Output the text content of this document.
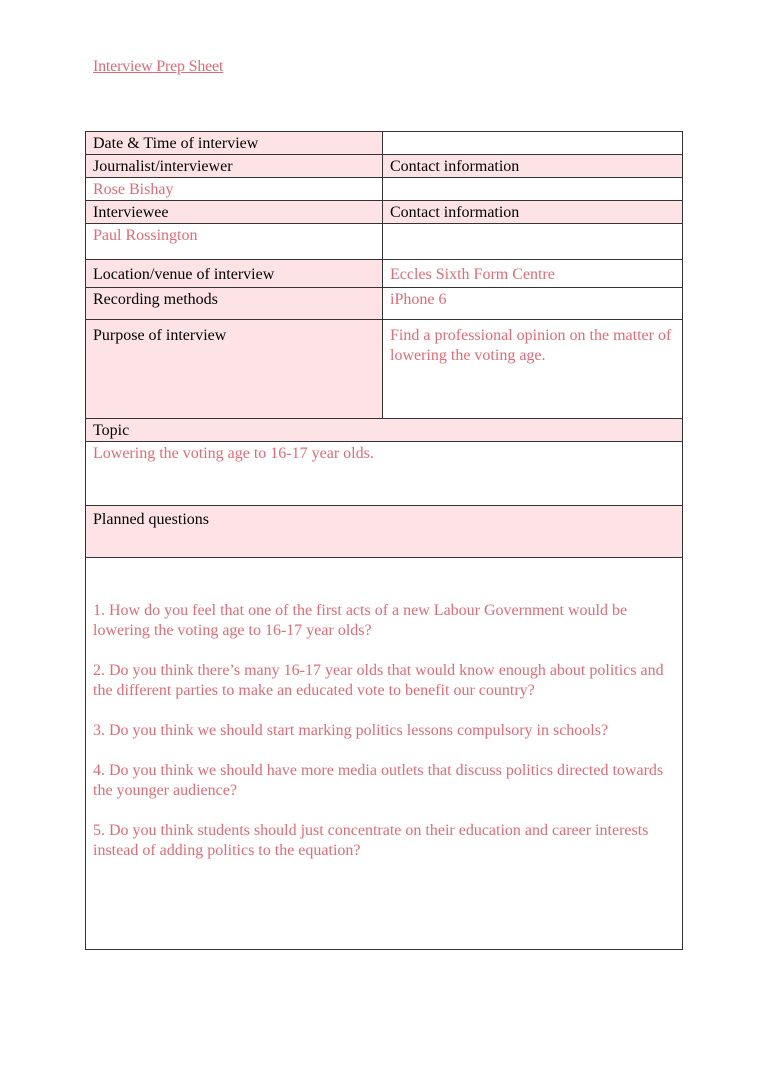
Interview Prep Sheet
Date & Time of interview	
Journalist/interviewer	Contact information
Rose Bishay	
Interviewee	Contact information
Paul Rossington	
Location/venue of interview	Eccles Sixth Form Centre
Recording methods	iPhone 6
Purpose of interview	Find a professional opinion on the matter of lowering the voting age.
Topic	
Lowering the voting age to 16-17 year olds.	
Planned questions	

1. How do you feel that one of the first acts of a new Labour Government would be lowering the voting age to 16-17 year olds?

2. Do you think there’s many 16-17 year olds that would know enough about politics and the different parties to make an educated vote to benefit our country?

3. Do you think we should start marking politics lessons compulsory in schools?

4. Do you think we should have more media outlets that discuss politics directed towards the younger audience?

5. Do you think students should just concentrate on their education and career interests instead of adding politics to the equation?	
